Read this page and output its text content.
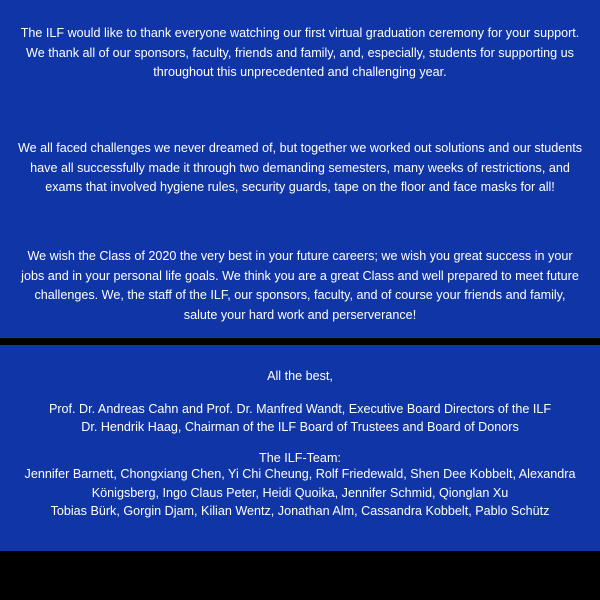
The ILF would like to thank everyone watching our first virtual graduation ceremony for your support.
We thank all of our sponsors, faculty, friends and family, and, especially, students for supporting us
throughout this unprecedented and challenging year.

We all faced challenges we never dreamed of, but together we worked out solutions and our students
have all successfully made it through two demanding semesters, many weeks of restrictions, and
exams that involved hygiene rules, security guards, tape on the floor and face masks for all!

We wish the Class of 2020 the very best in your future careers; we wish you great success in your
jobs and in your personal life goals. We think you are a great Class and well prepared to meet future
challenges. We, the staff of the ILF, our sponsors, faculty, and of course your friends and family,
salute your hard work and perserverance!

All the best,

Prof. Dr. Andreas Cahn and Prof. Dr. Manfred Wandt, Executive Board Directors of the ILF

Dr. Hendrik Haag, Chairman of the ILF Board of Trustees and Board of Donors

The ILF-Team:

Jennifer Barnett, Chongxiang Chen, Yi Chi Cheung, Rolf Friedewald, Shen Dee Kobbelt, Alexandra
Königsberg, Ingo Claus Peter, Heidi Quoika, Jennifer Schmid, Qionglan Xu
Tobias Bürk, Gorgin Djam, Kilian Wentz, Jonathan Alm, Cassandra Kobbelt, Pablo Schütz
